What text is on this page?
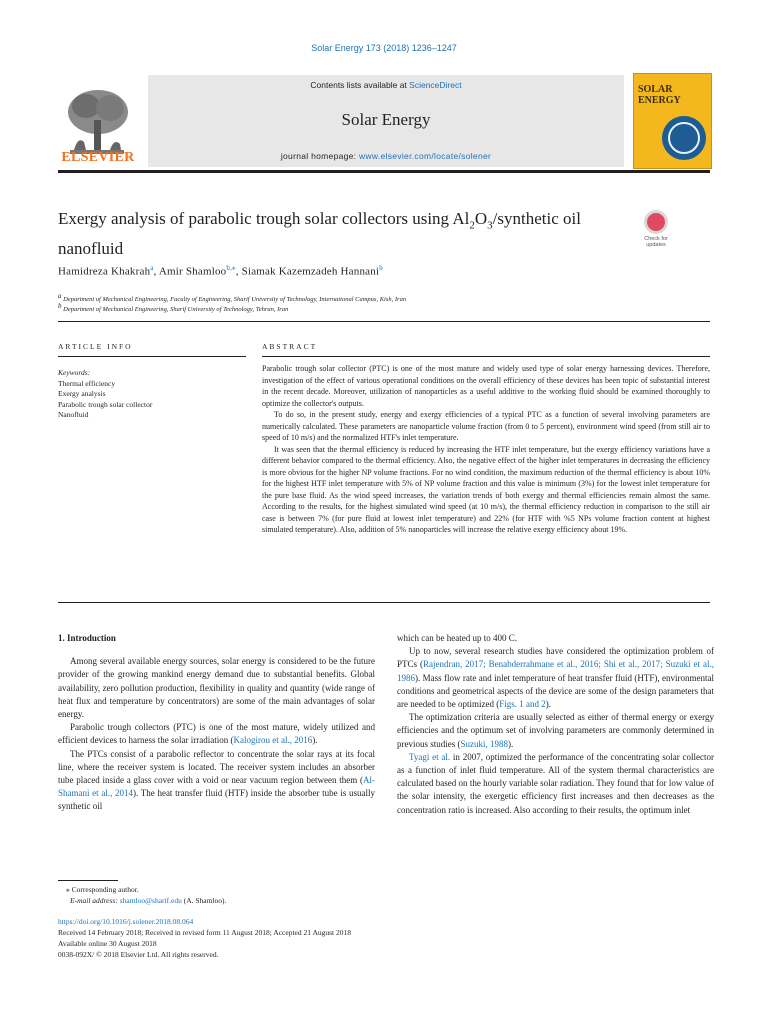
Solar Energy 173 (2018) 1236–1247
ELSEVIER
Contents lists available at ScienceDirect
Solar Energy
journal homepage: www.elsevier.com/locate/solener
SOLAR
ENERGY
Exergy analysis of parabolic trough solar collectors using $Al_2O_3$/synthetic oil nanofluid
Check for
updates
Hamidreza Khakrah$^a$, Amir Shamloo$^{b,⁎}$, Siamak Kazemzadeh Hannani$^b$
$^a$ Department of Mechanical Engineering, Faculty of Engineering, Sharif University of Technology, International Campus, Kish, Iran
$^b$ Department of Mechanical Engineering, Sharif University of Technology, Tehran, Iran
ARTICLE INFO	ABSTRACT
Keywords:
Thermal efficiency
Exergy analysis
Parabolic trough solar collector
Nanofluid

Parabolic trough solar collector (PTC) is one of the most mature and widely used type of solar energy harnessing devices. Therefore, investigation of the effect of various operational conditions on the overall efficiency of these devices has been topic of substantial interest in the recent decade. Moreover, utilization of nanoparticles as a useful additive to the working fluid should be examined thoroughly to optimize the collector's outputs.

To do so, in the present study, energy and exergy efficiencies of a typical PTC as a function of several involving parameters are numerically calculated. These parameters are nanoparticle volume fraction (from 0 to 5 percent), environment wind speed (from still air to speed of 10 m/s) and the normalized HTF's inlet temperature.

It was seen that the thermal efficiency is reduced by increasing the HTF inlet temperature, but the exergy efficiency variations have a different behavior compared to the thermal efficiency. Also, the negative effect of the higher inlet temperatures in decreasing the efficiency is more obvious for the higher NP volume fractions. For no wind condition, the maximum reduction of the thermal efficiency is about 10% for the highest HTF inlet temperature with 5% of NP volume fraction and this value is minimum (3%) for the lowest inlet temperature for the pure base fluid. As the wind speed increases, the variation trends of both exergy and thermal efficiencies remain almost the same. According to the results, for the highest simulated wind speed (at 10 m/s), the thermal efficiency reduction in comparison to the still air case is between 7% (for pure fluid at lowest inlet temperature) and 22% (for HTF with %5 NPs volume fraction content at highest simulated temperature). Also, addition of 5% nanoparticles will increase the relative exergy efficiency about 19%.

1. Introduction

Among several available energy sources, solar energy is considered to be the future provider of the growing mankind energy demand due to substantial benefits. Global availability, zero pollution production, flexibility in quality and quantity (wide range of heat flux and temperature by concentrators) are some of the main advantages of solar energy.

Parabolic trough collectors (PTC) is one of the most mature, widely utilized and efficient devices to harness the solar irradiation (Kalogirou et al., 2016).

The PTCs consist of a parabolic reflector to concentrate the solar rays at its focal line, where the receiver system is located. The receiver system includes an absorber tube placed inside a glass cover with a void or near vacuum region between them (Al-Shamani et al., 2014). The heat transfer fluid (HTF) inside the absorber tube is usually synthetic oil

which can be heated up to 400 C.

Up to now, several research studies have considered the optimization problem of PTCs (Rajendran, 2017; Benabderrahmane et al., 2016; Shi et al., 2017; Suzuki et al., 1986). Mass flow rate and inlet temperature of heat transfer fluid (HTF), environmental conditions and geometrical aspects of the device are some of the design parameters that are needed to be optimized (Figs. 1 and 2).

The optimization criteria are usually selected as either of thermal energy or exergy efficiencies and the optimum set of involving parameters are commonly determined in previous studies (Suzuki, 1988).

Tyagi et al. in 2007, optimized the performance of the concentrating solar collector as a function of inlet fluid temperature. All of the system thermal characteristics are calculated based on the hourly variable solar radiation. They found that for low value of the solar intensity, the exergetic efficiency first increases and then decreases as the concentration ratio is increased. Also according to their results, the optimum inlet

⁎ Corresponding author.
E-mail address: shamloo@sharif.edu (A. Shamloo).
https://doi.org/10.1016/j.solener.2018.08.064
Received 14 February 2018; Received in revised form 11 August 2018; Accepted 21 August 2018
Available online 30 August 2018
0038-092X/ © 2018 Elsevier Ltd. All rights reserved.
